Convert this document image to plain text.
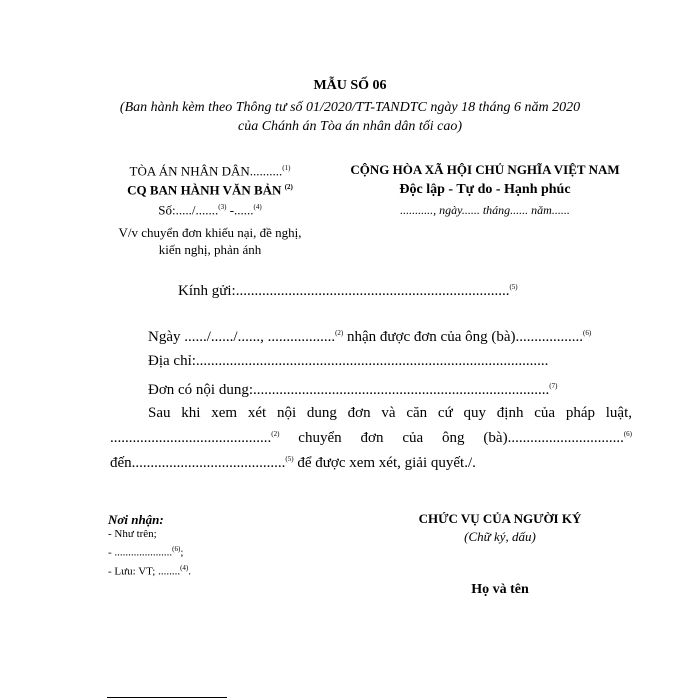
MẪU SỐ 06
(Ban hành kèm theo Thông tư số 01/2020/TT-TANDTC ngày 18 tháng 6 năm 2020
của Chánh án Tòa án nhân dân tối cao)
TÒA ÁN NHÂN DÂN..........$^{(1)}$
CQ BAN HÀNH VĂN BẢN $^{(2)}$
Số:...../.......$^{(3)}$ -......$^{(4)}$
V/v chuyển đơn khiếu nại, đề nghị,
kiến nghị, phản ánh
CỘNG HÒA XÃ HỘI CHỦ NGHĨA VIỆT NAM
Độc lập - Tự do - Hạnh phúc
..........., ngày...... tháng...... năm......
Kính gửi:.........................................................................$^{(5)}$
Ngày ....../....../......, ..................$^{(2)}$ nhận được đơn của ông (bà)..................$^{(6)}$
Địa chỉ:..............................................................................................
Đơn có nội dung:...............................................................................$^{(7)}$
Sau khi xem xét nội dung đơn và căn cứ quy định của pháp luật, ...........................................$^{(2)}$ chuyển đơn của ông (bà)...............................$^{(6)}$ đến.........................................$^{(5)}$ để được xem xét, giải quyết./.
Nơi nhận:
- Như trên;
- .....................$^{(6)}$;
- Lưu: VT; ........$^{(4)}$.
CHỨC VỤ CỦA NGƯỜI KÝ
(Chữ ký, dấu)
Họ và tên
